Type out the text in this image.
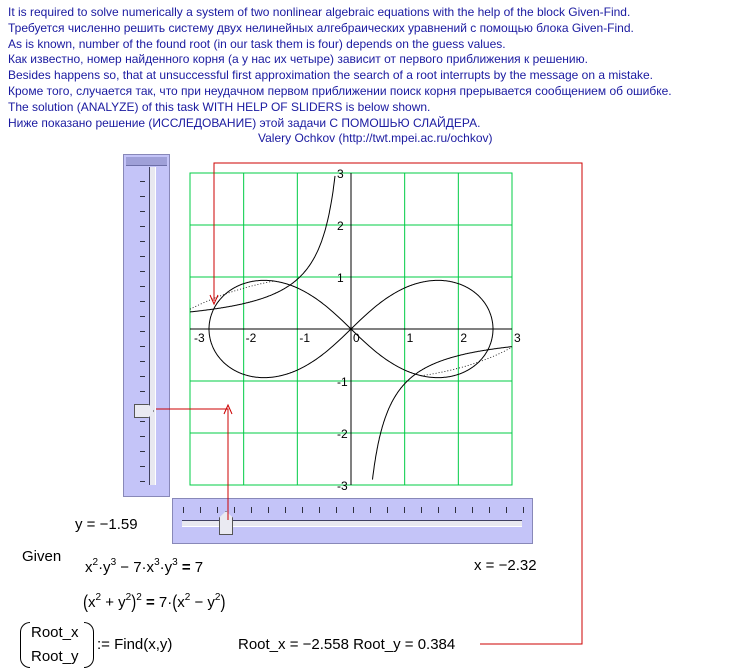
It is required to solve numerically a system of two nonlinear algebraic equations with the help of the block Given-Find.
Требуется численно решить систему двух нелинейных алгебраических уравнений с помощью блока Given-Find.
As is known, number of the found root (in our task them is four) depends on the guess values.
Как известно, номер найденного корня (а у нас их четыре) зависит от первого приближения к решению.
Besides happens so, that at unsuccessful first approximation the search of a root interrupts by the message on a mistake.
Кроме того, случается так, что при неудачном первом приближении поиск корня прерывается сообщением об ошибке.
The solution (ANALYZE) of this task WITH HELP OF SLIDERS is below shown.
Ниже показано решение (ИССЛЕДОВАНИЕ) этой задачи С ПОМОШЬЮ СЛАЙДЕРА.
Valery Ochkov (http://twt.mpei.ac.ru/ochkov)
-3	-2	-1	0	1	2	3
3
2
1
-1
-2
-3
y = −1.59
Given
x = −2.32
$x^2\cdot y^3 - 7\cdot x^3\cdot y^3 = 7$
$(x^2 + y^2)^2 = 7\cdot(x^2 - y^2)$
Root_x
Root_y
:= Find(x,y)	Root_x = −2.558 Root_y = 0.384
